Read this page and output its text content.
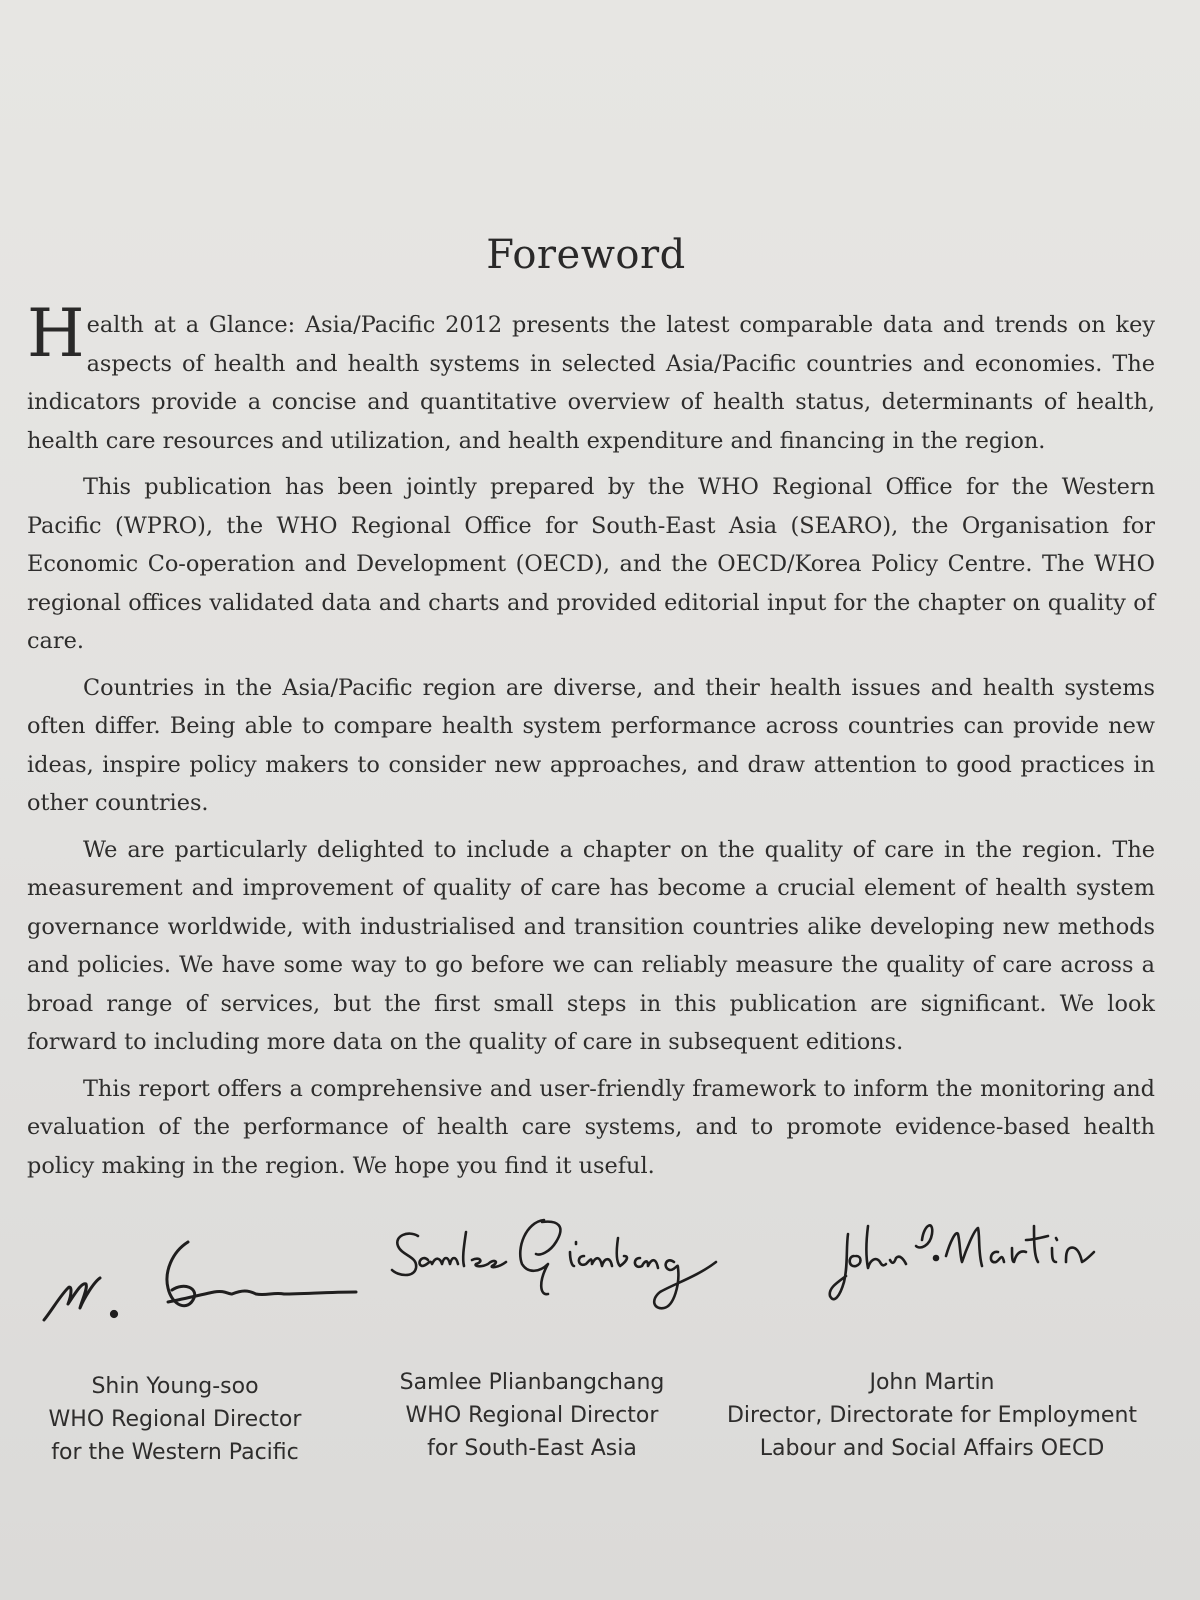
Foreword

Health at a Glance: Asia/Pacific 2012 presents the latest comparable data and trends on key aspects of health and health systems in selected Asia/Pacific countries and economies. The indicators provide a concise and quantitative overview of health status, determinants of health, health care resources and utilization, and health expenditure and financing in the region.

This publication has been jointly prepared by the WHO Regional Office for the Western Pacific (WPRO), the WHO Regional Office for South-East Asia (SEARO), the Organisation for Economic Co-operation and Development (OECD), and the OECD/Korea Policy Centre. The WHO regional offices validated data and charts and provided editorial input for the chapter on quality of care.

Countries in the Asia/Pacific region are diverse, and their health issues and health systems often differ. Being able to compare health system performance across countries can provide new ideas, inspire policy makers to consider new approaches, and draw attention to good practices in other countries.

We are particularly delighted to include a chapter on the quality of care in the region. The measurement and improvement of quality of care has become a crucial element of health system governance worldwide, with industrialised and transition countries alike developing new methods and policies. We have some way to go before we can reliably measure the quality of care across a broad range of services, but the first small steps in this publication are significant. We look forward to including more data on the quality of care in subsequent editions.

This report offers a comprehensive and user-friendly framework to inform the monitoring and evaluation of the performance of health care systems, and to promote evidence-based health policy making in the region. We hope you find it useful.

Shin Young-soo
WHO Regional Director
for the Western Pacific
Samlee Plianbangchang
WHO Regional Director
for South-East Asia
John Martin
Director, Directorate for Employment
Labour and Social Affairs OECD
